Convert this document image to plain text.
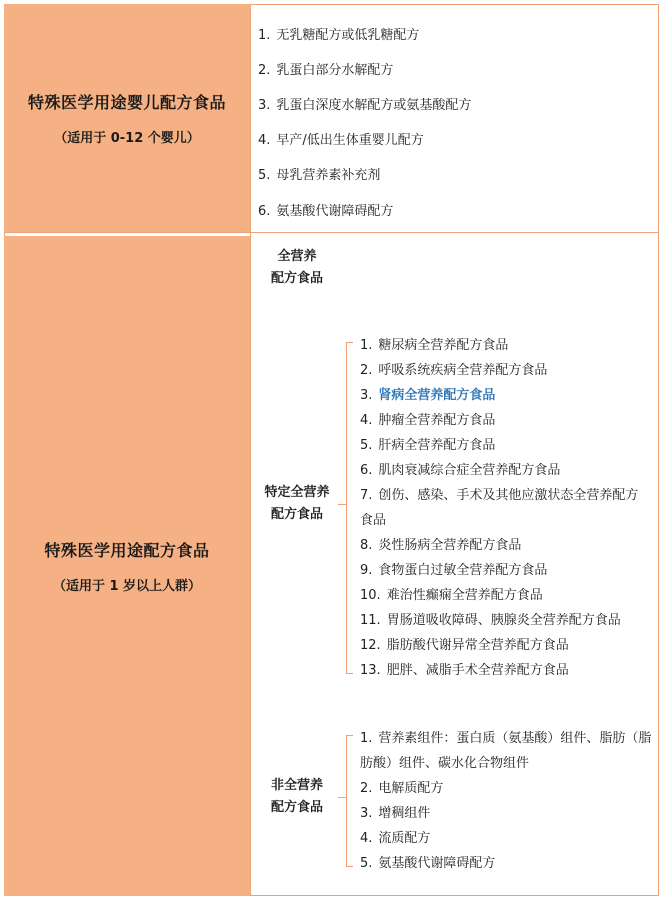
特殊医学用途婴儿配方食品
（适用于 0-12 个婴儿）
特殊医学用途配方食品
（适用于 1 岁以上人群）
1. 无乳糖配方或低乳糖配方
2. 乳蛋白部分水解配方
3. 乳蛋白深度水解配方或氨基酸配方
4. 早产/低出生体重婴儿配方
5. 母乳营养素补充剂
6. 氨基酸代谢障碍配方
全营养
配方食品
特定全营养
配方食品
1. 糖尿病全营养配方食品
2. 呼吸系统疾病全营养配方食品
3. 肾病全营养配方食品
4. 肿瘤全营养配方食品
5. 肝病全营养配方食品
6. 肌肉衰减综合症全营养配方食品
7. 创伤、感染、手术及其他应激状态全营养配方
食品
8. 炎性肠病全营养配方食品
9. 食物蛋白过敏全营养配方食品
10. 难治性癫痫全营养配方食品
11. 胃肠道吸收障碍、胰腺炎全营养配方食品
12. 脂肪酸代谢异常全营养配方食品
13. 肥胖、减脂手术全营养配方食品
非全营养
配方食品
1. 营养素组件：蛋白质（氨基酸）组件、脂肪（脂
肪酸）组件、碳水化合物组件
2. 电解质配方
3. 增稠组件
4. 流质配方
5. 氨基酸代谢障碍配方
